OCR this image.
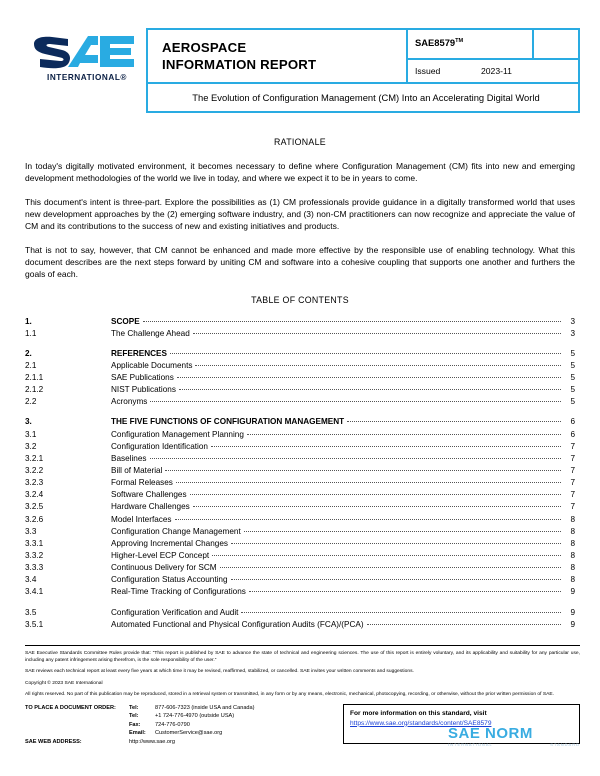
INTERNATIONAL®
AEROSPACE
INFORMATION REPORT
SAE8579™
Issued	2023-11
The Evolution of Configuration Management (CM) Into an Accelerating Digital World
RATIONALE
In today's digitally motivated environment, it becomes necessary to define where Configuration Management (CM) fits into new and emerging development methodologies of the world we live in today, and where we expect it to be in years to come.
This document's intent is three-part. Explore the possibilities as (1) CM professionals provide guidance in a digitally transformed world that uses new development approaches by the (2) emerging software industry, and (3) non-CM practitioners can now recognize and appreciate the value of CM and its contributions to the success of new and existing initiatives and products.
That is not to say, however, that CM cannot be enhanced and made more effective by the responsible use of enabling technology. What this document describes are the next steps forward by uniting CM and software into a cohesive coupling that supports one another and furthers the goals of each.
TABLE OF CONTENTS
1.	SCOPE	3
1.1	The Challenge Ahead	3
2.	REFERENCES	5
2.1	Applicable Documents	5
2.1.1	SAE Publications	5
2.1.2	NIST Publications	5
2.2	Acronyms	5
3.	THE FIVE FUNCTIONS OF CONFIGURATION MANAGEMENT	6
3.1	Configuration Management Planning	6
3.2	Configuration Identification	7
3.2.1	Baselines	7
3.2.2	Bill of Material	7
3.2.3	Formal Releases	7
3.2.4	Software Challenges	7
3.2.5	Hardware Challenges	7
3.2.6	Model Interfaces	8
3.3	Configuration Change Management	8
3.3.1	Approving Incremental Changes	8
3.3.2	Higher-Level ECP Concept	8
3.3.3	Continuous Delivery for SCM	8
3.4	Configuration Status Accounting	8
3.4.1	Real-Time Tracking of Configurations	9
3.5	Configuration Verification and Audit	9
3.5.1	Automated Functional and Physical Configuration Audits (FCA)/(PCA)	9
SAE Executive Standards Committee Rules provide that: “This report is published by SAE to advance the state of technical and engineering sciences. The use of this report is entirely voluntary, and its applicability and suitability for any particular use, including any patent infringement arising therefrom, is the sole responsibility of the user.”
SAE reviews each technical report at least every five years at which time it may be revised, reaffirmed, stabilized, or cancelled. SAE invites your written comments and suggestions.
Copyright © 2023 SAE International
All rights reserved. No part of this publication may be reproduced, stored in a retrieval system or transmitted, in any form or by any means, electronic, mechanical, photocopying, recording, or otherwise, without the prior written permission of SAE.
TO PLACE A DOCUMENT ORDER:	Tel:	877-606-7323 (inside USA and Canada)
Tel:	+1 724-776-4970 (outside USA)
Fax:	724-776-0790
Email:	CustomerService@sae.org
SAE WEB ADDRESS:	http://www.sae.org
For more information on this standard, visit
https://www.sae.org/standards/content/SAE8579
SAE NORM
INTERNATIONAL	STANDARD
